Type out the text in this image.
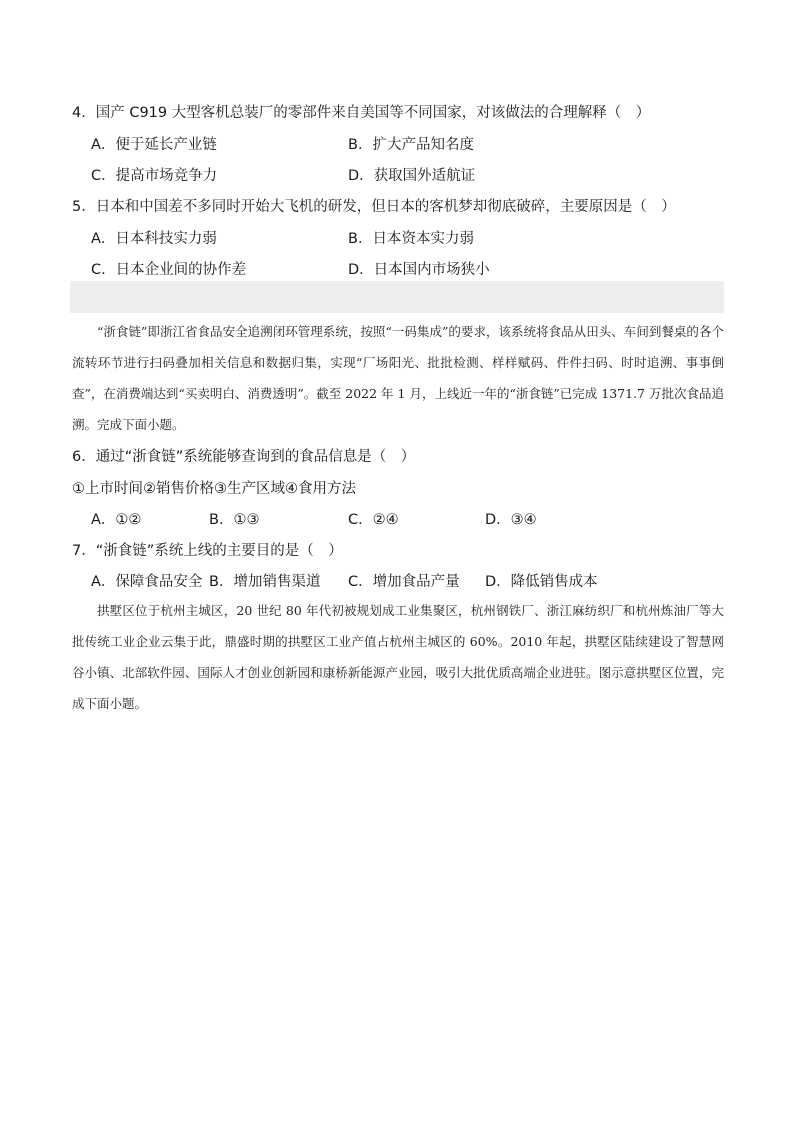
4．国产 C919 大型客机总装厂的零部件来自美国等不同国家，对该做法的合理解释（　）
A．便于延长产业链	B．扩大产品知名度
C．提高市场竞争力	D．获取国外适航证
5．日本和中国差不多同时开始大飞机的研发，但日本的客机梦却彻底破碎，主要原因是（　）
A．日本科技实力弱	B．日本资本实力弱
C．日本企业间的协作差	D．日本国内市场狭小
“浙食链”即浙江省食品安全追溯闭环管理系统，按照“一码集成”的要求，该系统将食品从田头、车间到餐桌的各个流转环节进行扫码叠加相关信息和数据归集，实现“厂场阳光、批批检测、样样赋码、件件扫码、时时追溯、事事倒查”，在消费端达到“买卖明白、消费透明”。截至 2022 年 1 月，上线近一年的“浙食链”已完成 1371.7 万批次食品追溯。完成下面小题。
6．通过“浙食链”系统能够查询到的食品信息是（　）
①上市时间②销售价格③生产区域④食用方法
A．①②	B．①③	C．②④	D．③④
7．“浙食链”系统上线的主要目的是（　）
A．保障食品安全 B．增加销售渠道 C．增加食品产量 D．降低销售成本
拱墅区位于杭州主城区，20 世纪 80 年代初被规划成工业集聚区，杭州钢铁厂、浙江麻纺织厂和杭州炼油厂等大批传统工业企业云集于此，鼎盛时期的拱墅区工业产值占杭州主城区的 60%。2010 年起，拱墅区陆续建设了智慧网谷小镇、北部软件园、国际人才创业创新园和康桥新能源产业园，吸引大批优质高端企业进驻。图示意拱墅区位置，完成下面小题。
